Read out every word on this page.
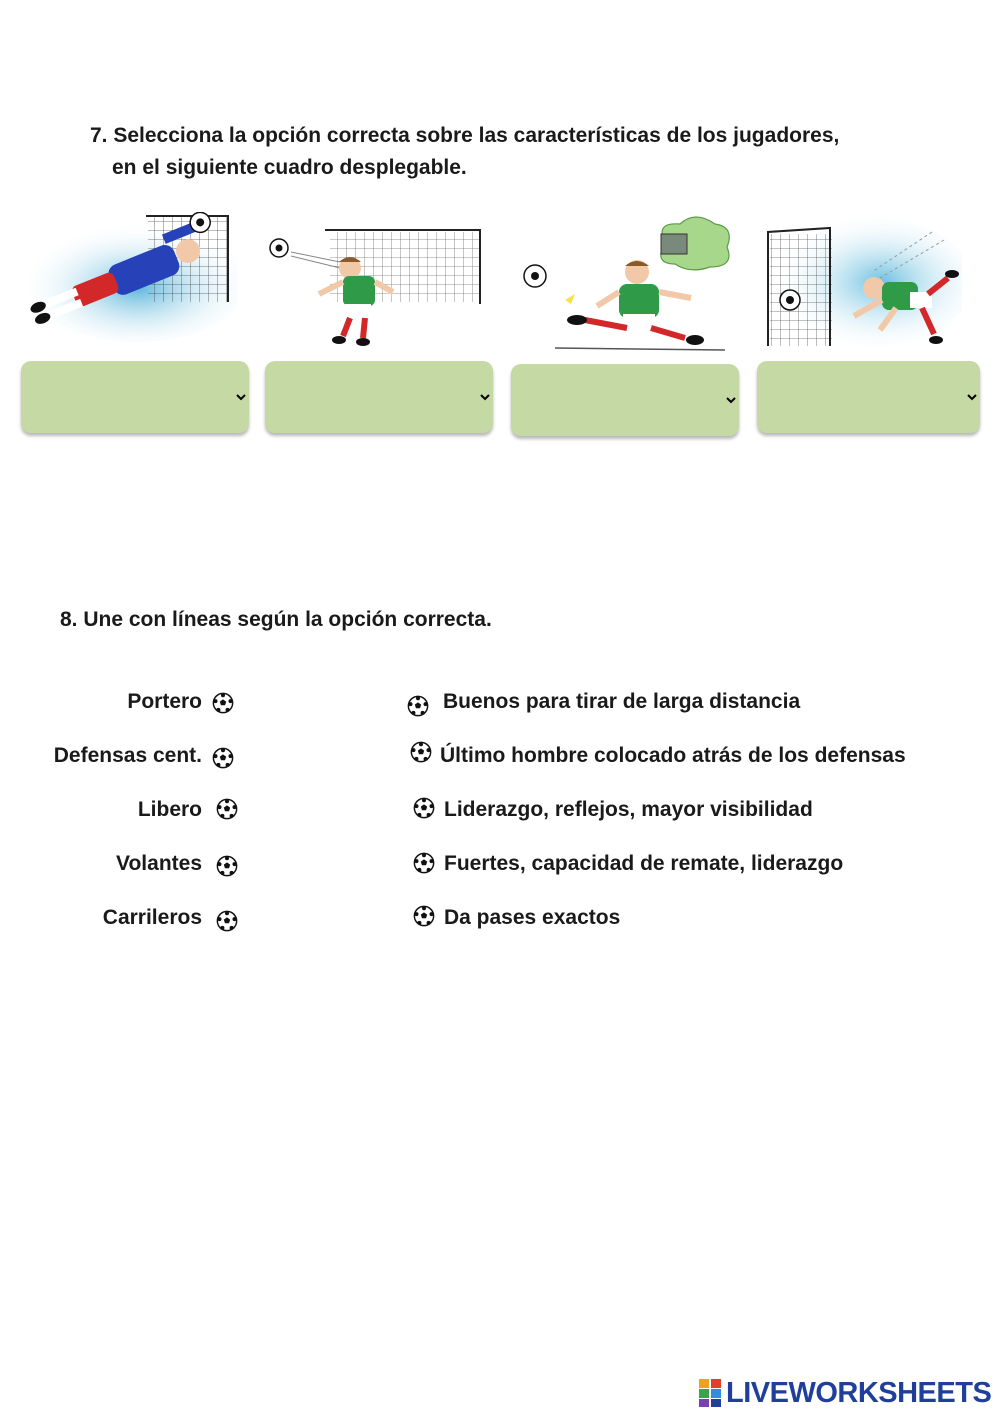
7. Selecciona la opción correcta sobre las características de los jugadores,
en el siguiente cuadro desplegable.
8. Une con líneas según la opción correcta.
Portero
Defensas cent.
Libero
Volantes
Carrileros
Buenos para tirar de larga distancia
Último hombre colocado atrás de los defensas
Liderazgo, reflejos, mayor visibilidad
Fuertes, capacidad de remate, liderazgo
Da pases exactos
LIVEWORKSHEETS
